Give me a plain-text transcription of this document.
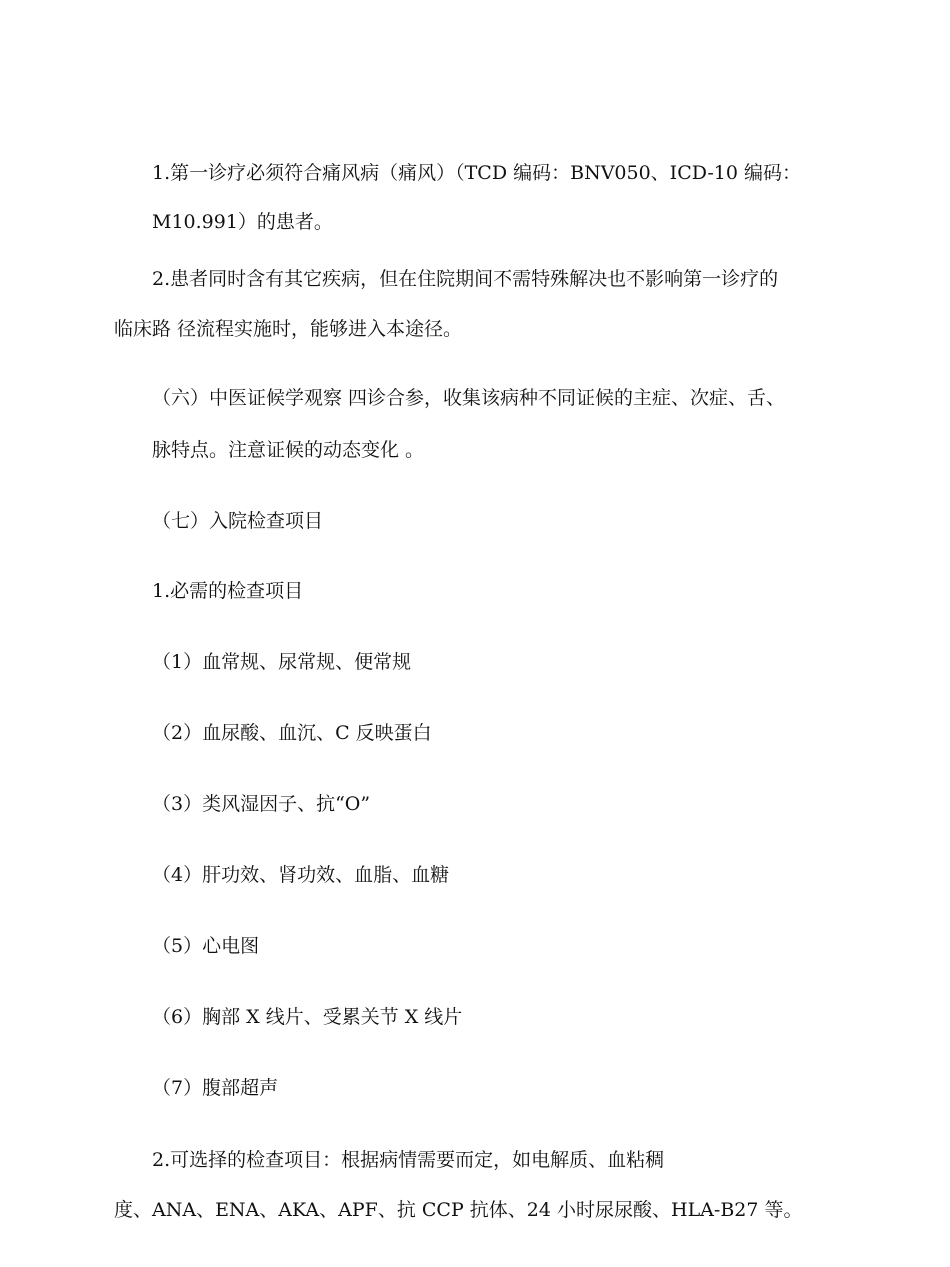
1.第一诊疗必须符合痛风病（痛风）（TCD 编码：BNV050、ICD-10 编码：
M10.991）的患者。
2.患者同时含有其它疾病，但在住院期间不需特殊解决也不影响第一诊疗的
临床路 径流程实施时，能够进入本途径。
（六）中医证候学观察 四诊合参，收集该病种不同证候的主症、次症、舌、
脉特点。注意证候的动态变化 。
（七）入院检查项目
1.必需的检查项目
（1）血常规、尿常规、便常规
（2）血尿酸、血沉、C 反映蛋白
（3）类风湿因子、抗“O”
（4）肝功效、肾功效、血脂、血糖
（5）心电图
（6）胸部 X 线片、受累关节 X 线片
（7）腹部超声
2.可选择的检查项目：根据病情需要而定，如电解质、血粘稠
度、ANA、ENA、AKA、APF、抗 CCP 抗体、24 小时尿尿酸、HLA-B27 等。
